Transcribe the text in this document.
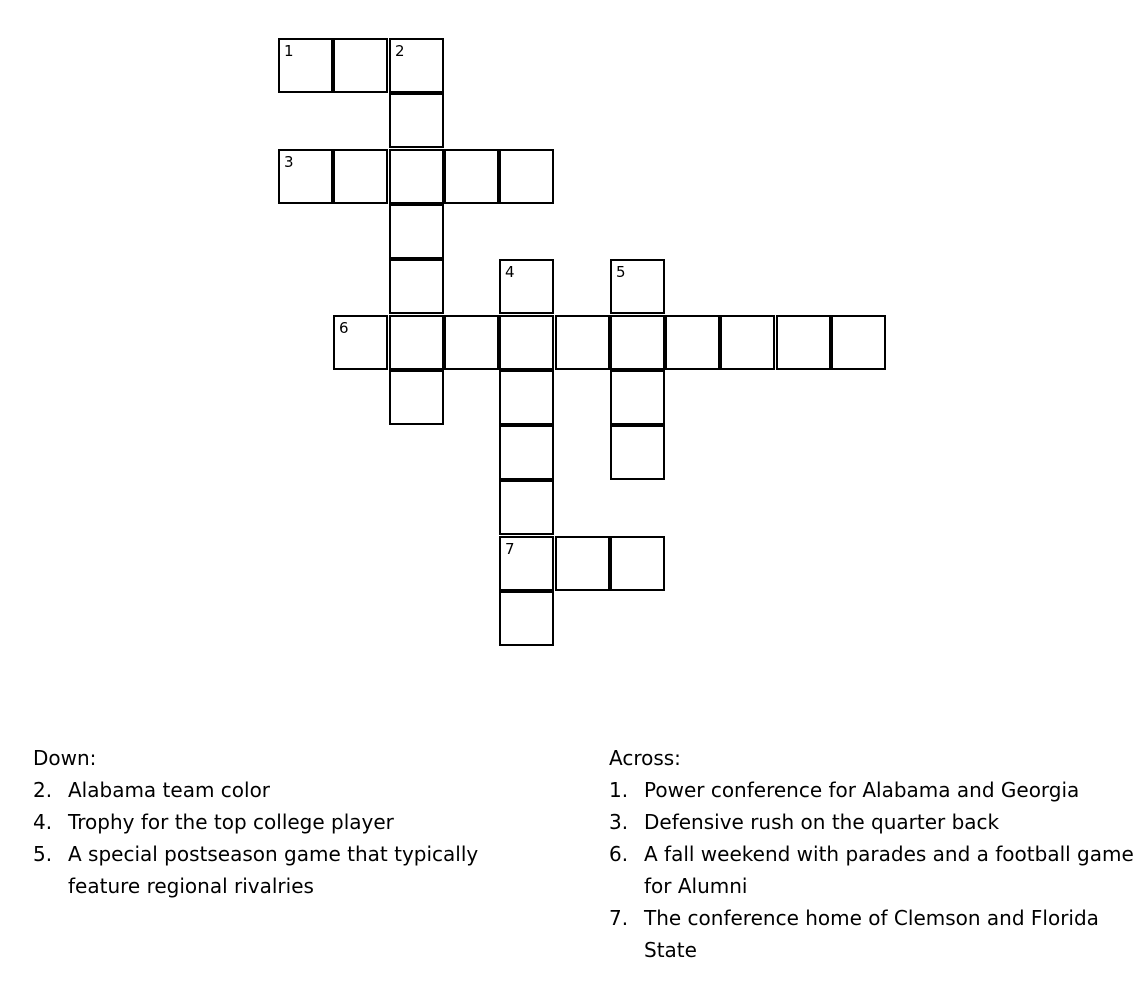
1	2
3
4	5
6
7
Down:
2. Alabama team color
4. Trophy for the top college player
5. A special postseason game that typically feature regional rivalries
Across:
1. Power conference for Alabama and Georgia
3. Defensive rush on the quarter back
6. A fall weekend with parades and a football game for Alumni
7. The conference home of Clemson and Florida State
